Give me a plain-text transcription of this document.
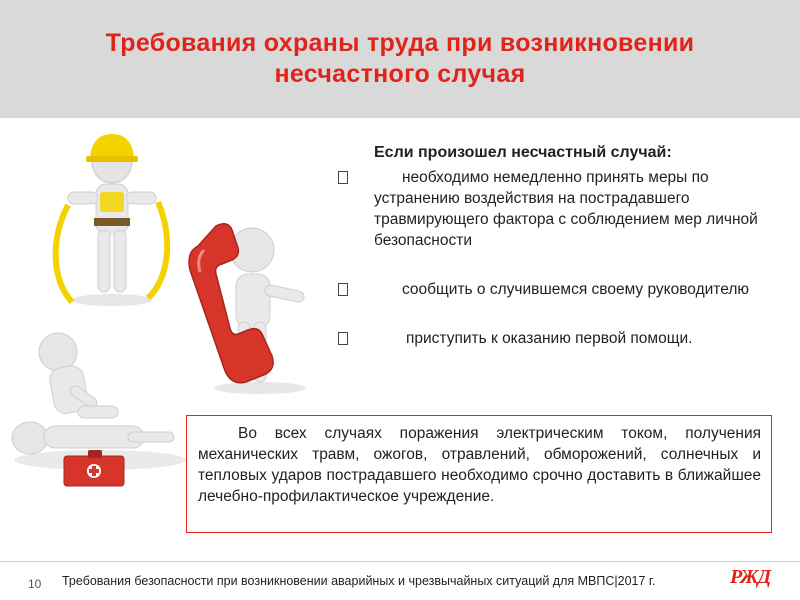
Требования охраны труда при возникновении
несчастного случая
Если произошел несчастный случай:
необходимо немедленно принять меры по устранению воздействия на пострадавшего травмирующего фактора с соблюдением мер личной безопасности
сообщить о случившемся своему руководителю
приступить к оказанию первой помощи.
Во всех случаях поражения электрическим током, получения механических травм, ожогов, отравлений, обморожений, солнечных и тепловых ударов пострадавшего необходимо срочно доставить в ближайшее лечебно-профилактическое учреждение.
10 Требования безопасности при возникновении аварийных и чрезвычайных ситуаций для МВПС|2017 г.	РЖД
